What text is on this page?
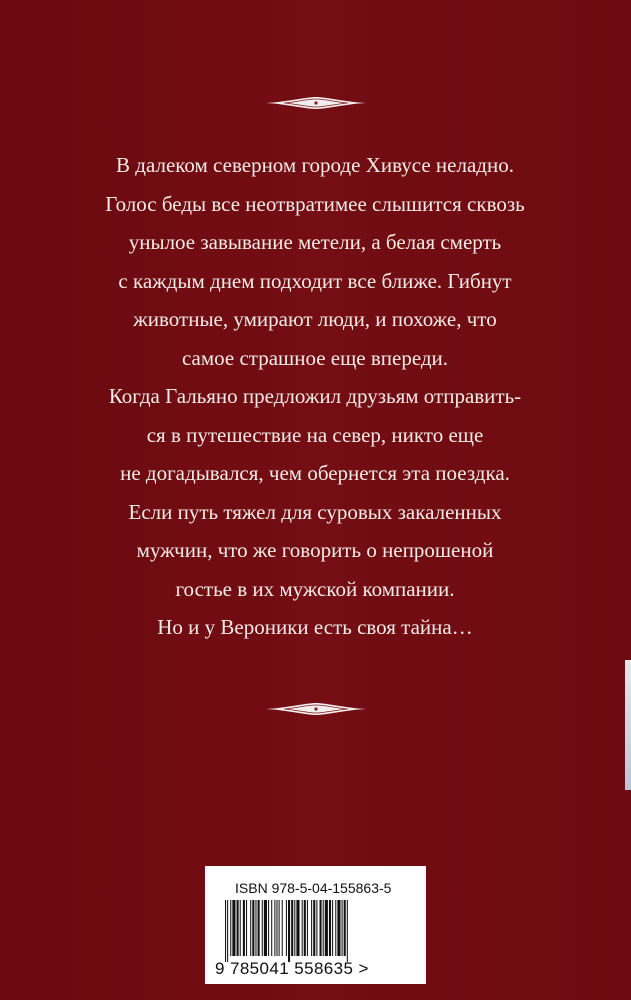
В далеком северном городе Хивусе неладно.

Голос беды все неотвратимее слышится сквозь

унылое завывание метели, а белая смерть

с каждым днем подходит все ближе. Гибнут

животные, умирают люди, и похоже, что

самое страшное еще впереди.

Когда Гальяно предложил друзьям отправить-

ся в путешествие на север, никто еще

не догадывался, чем обернется эта поездка.

Если путь тяжел для суровых закаленных

мужчин, что же говорить о непрошеной

гостье в их мужской компании.

Но и у Вероники есть своя тайна…

ISBN 978-5-04-155863-5
9 785041 558635 >
